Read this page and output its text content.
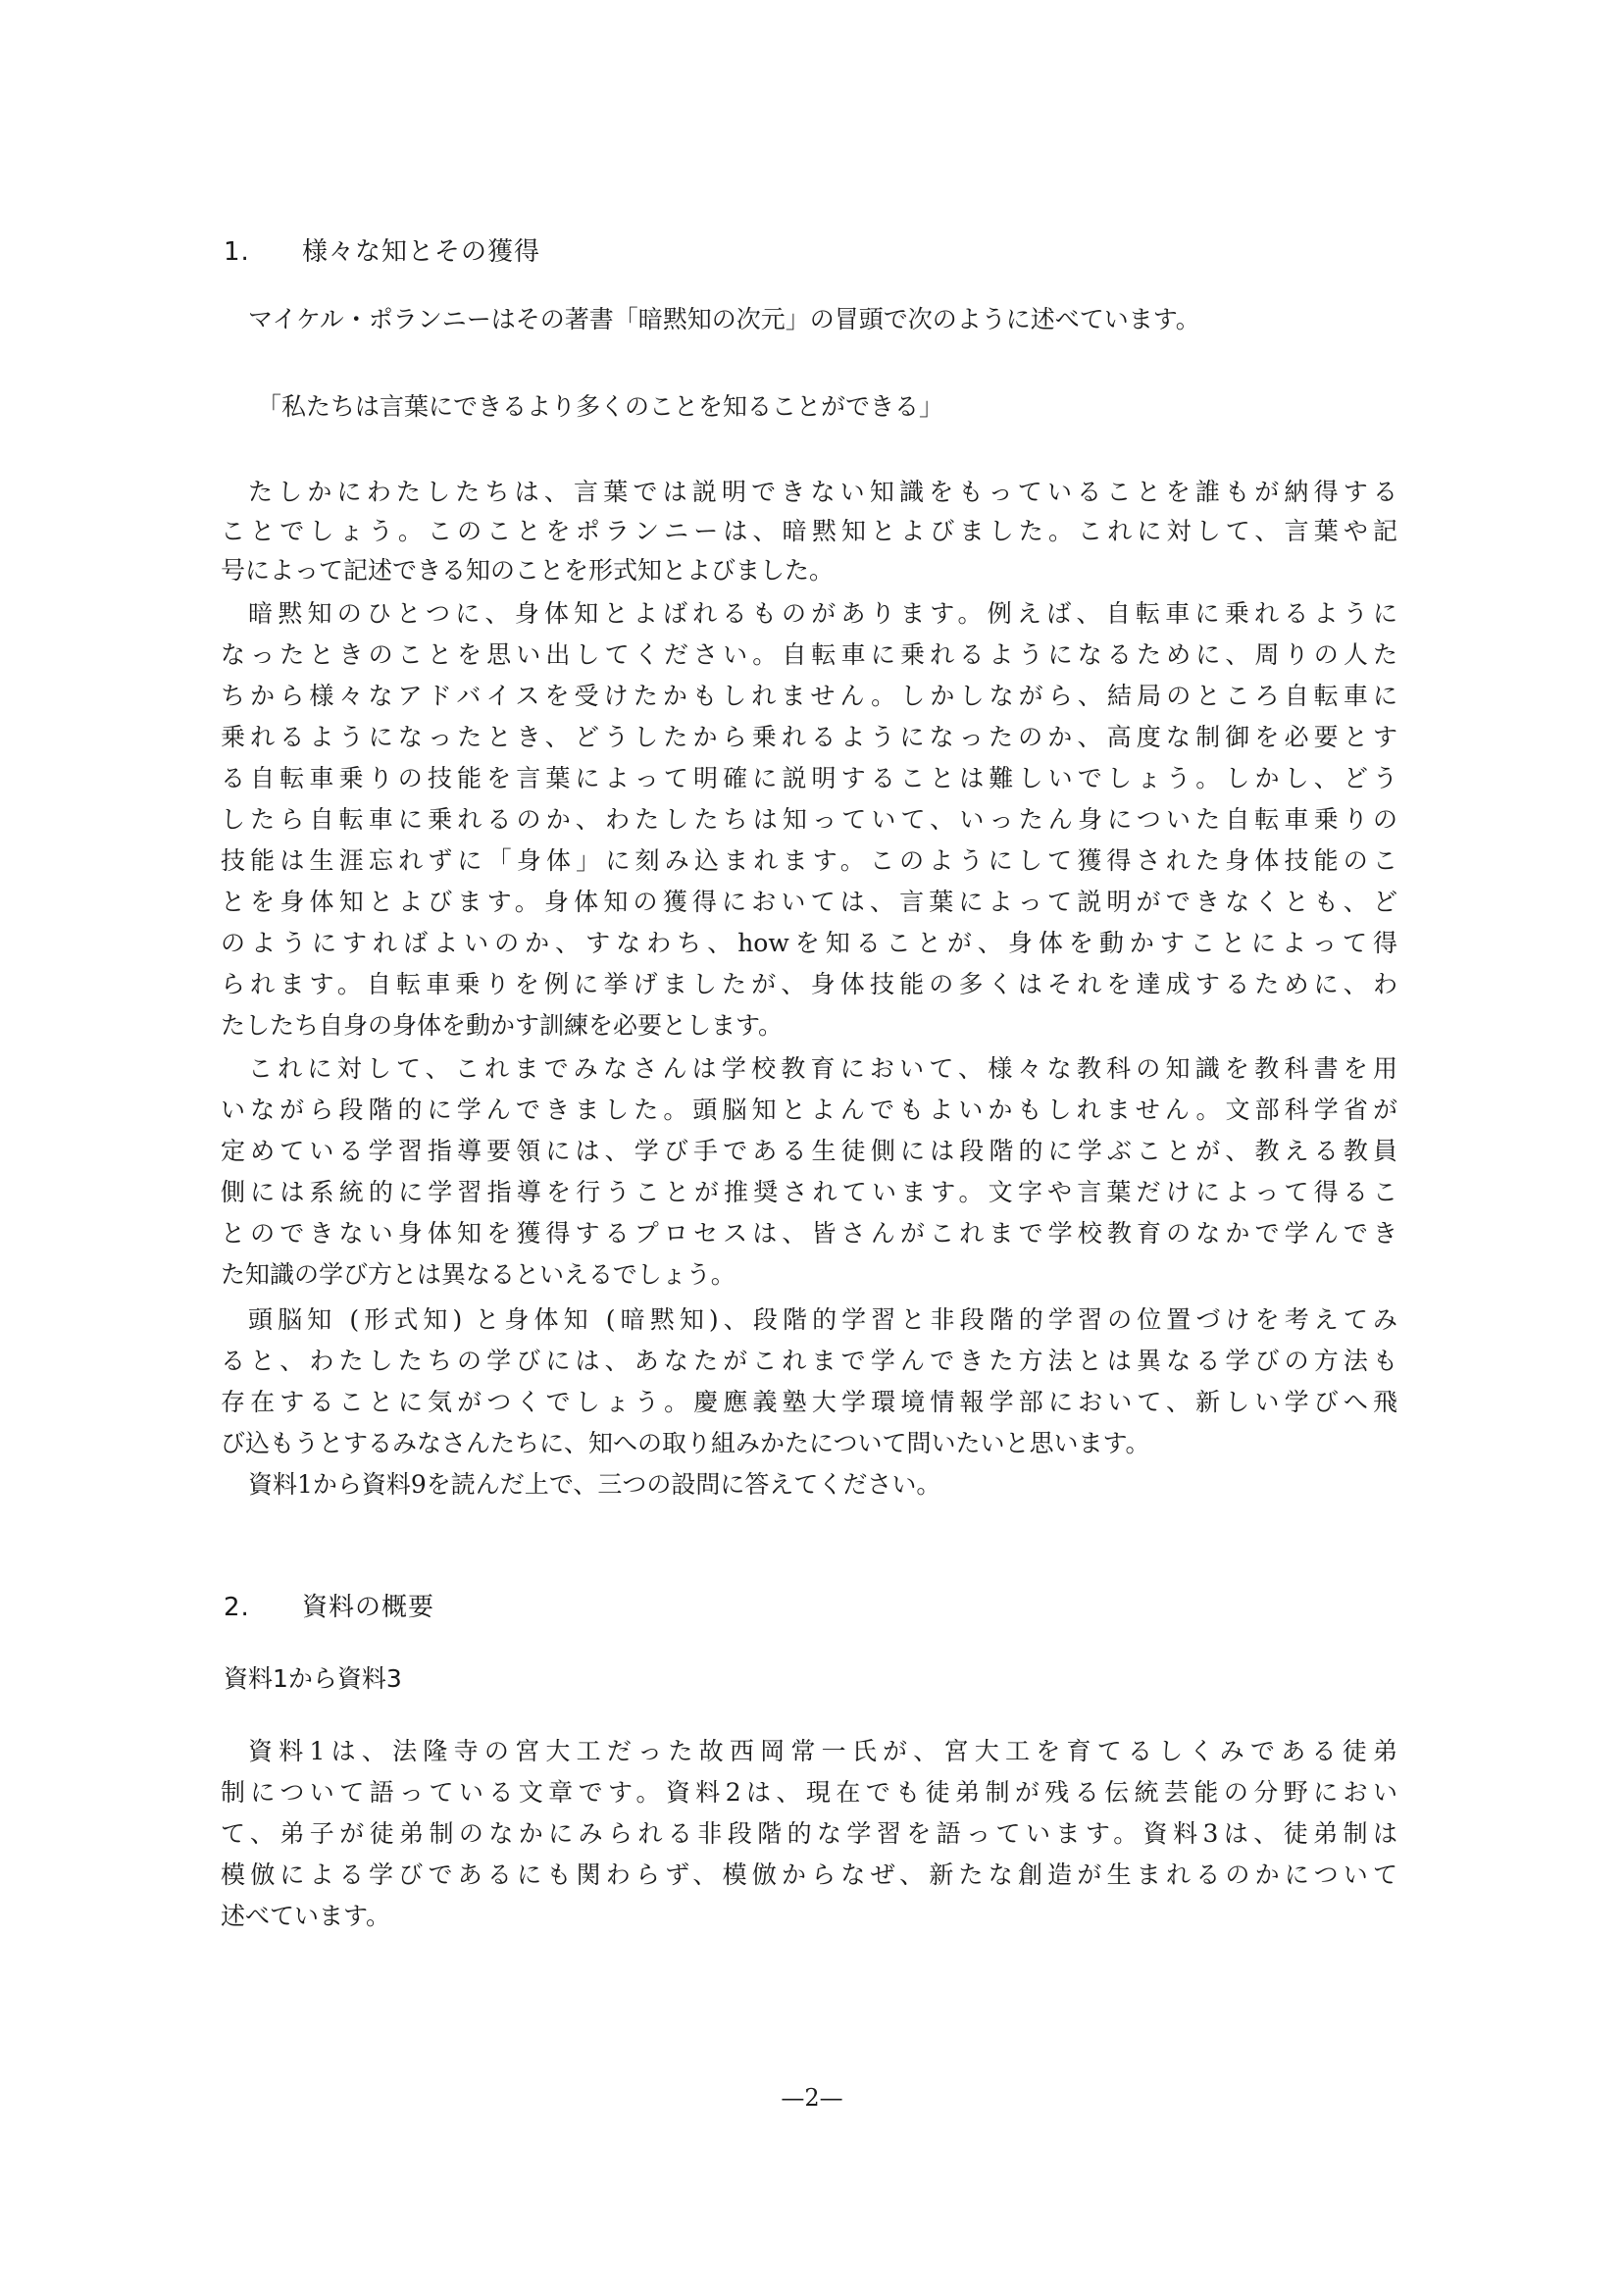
1. 様々な知とその獲得
マイケル・ポランニーはその著書「暗黙知の次元」の冒頭で次のように述べています。
「私たちは言葉にできるより多くのことを知ることができる」
たしかにわたしたちは、言葉では説明できない知識をもっていることを誰もが納得する
ことでしょう。このことをポランニーは、暗黙知とよびました。これに対して、言葉や記
号によって記述できる知のことを形式知とよびました。
暗黙知のひとつに、身体知とよばれるものがあります。例えば、自転車に乗れるように
なったときのことを思い出してください。自転車に乗れるようになるために、周りの人た
ちから様々なアドバイスを受けたかもしれません。しかしながら、結局のところ自転車に
乗れるようになったとき、どうしたから乗れるようになったのか、高度な制御を必要とす
る自転車乗りの技能を言葉によって明確に説明することは難しいでしょう。しかし、どう
したら自転車に乗れるのか、わたしたちは知っていて、いったん身についた自転車乗りの
技能は生涯忘れずに「身体」に刻み込まれます。このようにして獲得された身体技能のこ
とを身体知とよびます。身体知の獲得においては、言葉によって説明ができなくとも、ど
のようにすればよいのか、すなわち、howを知ることが、身体を動かすことによって得
られます。自転車乗りを例に挙げましたが、身体技能の多くはそれを達成するために、わ
たしたち自身の身体を動かす訓練を必要とします。
これに対して、これまでみなさんは学校教育において、様々な教科の知識を教科書を用
いながら段階的に学んできました。頭脳知とよんでもよいかもしれません。文部科学省が
定めている学習指導要領には、学び手である生徒側には段階的に学ぶことが、教える教員
側には系統的に学習指導を行うことが推奨されています。文字や言葉だけによって得るこ
とのできない身体知を獲得するプロセスは、皆さんがこれまで学校教育のなかで学んでき
た知識の学び方とは異なるといえるでしょう。
頭脳知 (形式知) と身体知 (暗黙知)、段階的学習と非段階的学習の位置づけを考えてみ
ると、わたしたちの学びには、あなたがこれまで学んできた方法とは異なる学びの方法も
存在することに気がつくでしょう。慶應義塾大学環境情報学部において、新しい学びへ飛
び込もうとするみなさんたちに、知への取り組みかたについて問いたいと思います。
資料1から資料9を読んだ上で、三つの設問に答えてください。
2. 資料の概要
資料1から資料3
資料1は、法隆寺の宮大工だった故西岡常一氏が、宮大工を育てるしくみである徒弟
制について語っている文章です。資料2は、現在でも徒弟制が残る伝統芸能の分野におい
て、弟子が徒弟制のなかにみられる非段階的な学習を語っています。資料3は、徒弟制は
模倣による学びであるにも関わらず、模倣からなぜ、新たな創造が生まれるのかについて
述べています。
—2—
